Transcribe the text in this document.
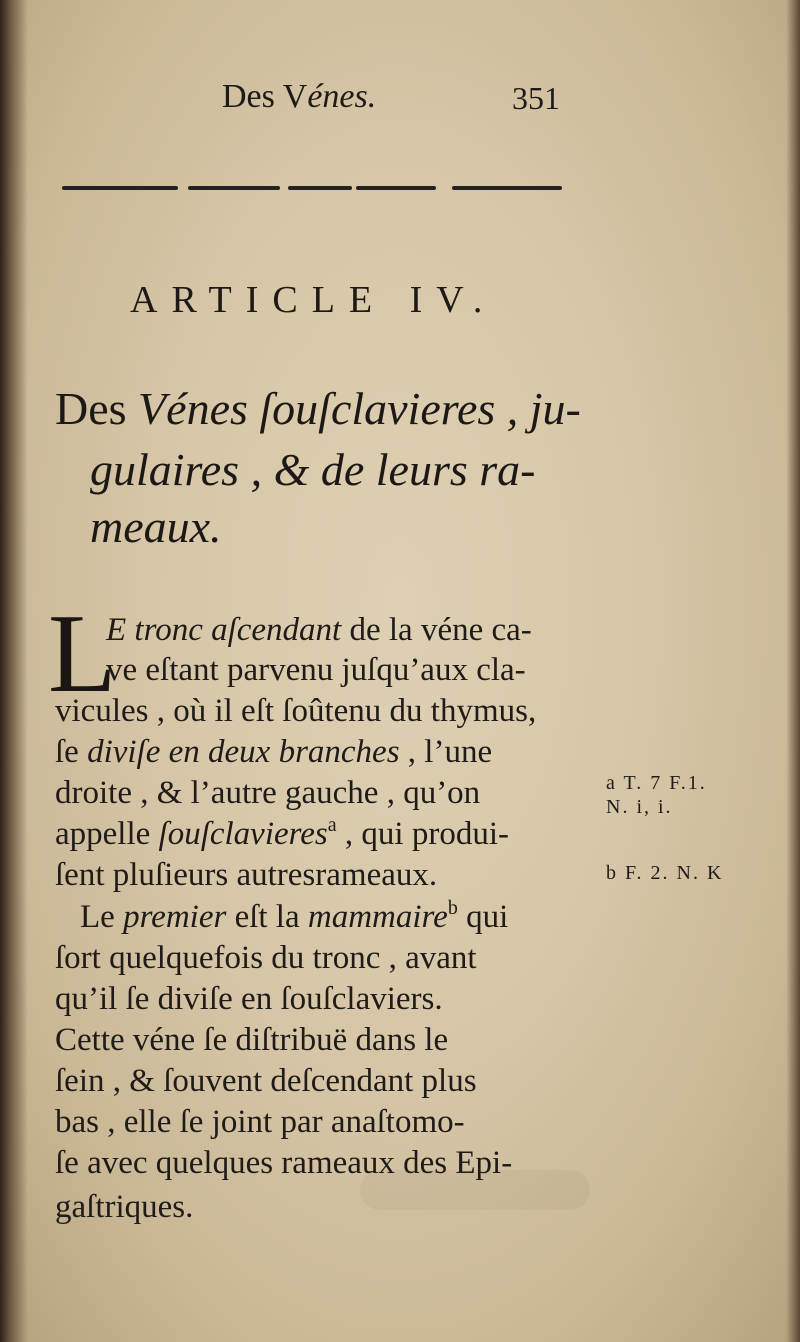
Des Vénes.	351
ARTICLE IV.
Des Vénes ſouſclavieres , ju-
gulaires , & de leurs ra-
meaux.
L
E tronc aſcendant de la véne ca-
ve eſtant parvenu juſqu’aux cla-
vicules , où il eſt ſoûtenu du thymus,
ſe diviſe en deux branches , l’une
droite , & l’autre gauche , qu’on
appelle ſouſclavieres$^a$ , qui produi-
ſent pluſieurs autresrameaux.
Le premier eſt la mammaire$^b$ qui
ſort quelquefois du tronc , avant
qu’il ſe diviſe en ſouſclaviers.
Cette véne ſe diſtribuë dans le
ſein , & ſouvent deſcendant plus
bas , elle ſe joint par anaſtomo-
ſe avec quelques rameaux des Epi-
gaſtriques.
a T. 7 F.1.
N. i, i.
b F. 2. N. K
